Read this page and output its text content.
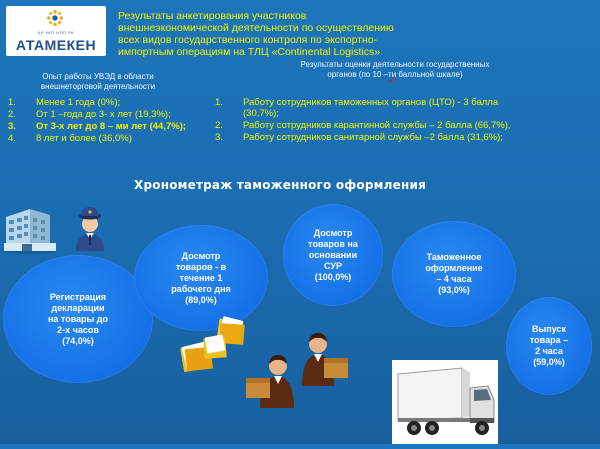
ҚР ҰКП НПП РК
АТАМЕКЕН
Результаты анкетирования участников внешнеэкономической деятельности по осуществлению всех видов государственного контроля по экспортно-импортным операциям на ТЛЦ «Continental Logistics»
Опыт работы УВЭД в области внешнеторговой деятельности
Результаты оценки деятельности государственных органов (по 10 –ти балльной шкале)
1. Менее 1 года (0%);
2. От 1 –года до 3- х лет (19,3%);
3. От 3-х лет до 8 – ми лет (44,7%);
4. 8 лет и более (36,0%)
1. Работу сотрудников таможенных органов (ЦТО) - 3 балла (30,7%);
2. Работу сотрудников карантинной службы – 2 балла (66,7%),
3. Работу сотрудников санитарной службы –2 балла (31,6%);
Хронометраж таможенного оформления
Регистрация
декларации
на товары до
2-х часов
(74,0%)
Досмотр
товаров - в
течение 1
рабочего дня
(89,0%)
Досмотр
товаров на
основании
СУР
(100,0%)
Таможенное
оформление
– 4 часа
(93,0%)
Выпуск
товара –
2 часа
(59,0%)
